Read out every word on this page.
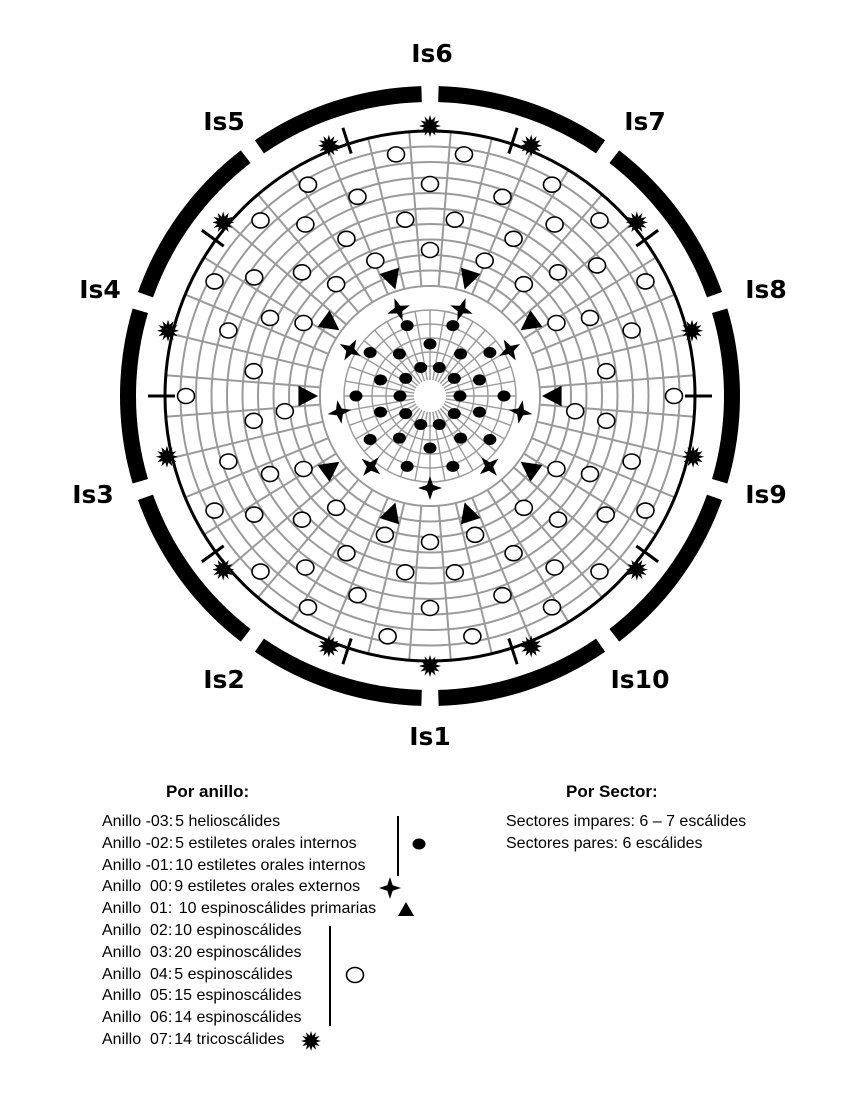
Is1
Is2
Is3
Is4
Is5
Is6
Is7
Is8
Is9
Is10
Por anillo:	Por Sector:
Anillo -03: 5 helioscálides
Anillo -02: 5 estiletes orales internos
Anillo -01: 10 estiletes orales internos
Anillo  00: 9 estiletes orales externos
Anillo  01: 10 espinoscálides primarias
Anillo  02: 10 espinoscálides
Anillo  03: 20 espinoscálides
Anillo  04: 5 espinoscálides
Anillo  05: 15 espinoscálides
Anillo  06: 14 espinoscálides
Anillo  07: 14 tricoscálides
Sectores impares: 6 – 7 escálides
Sectores pares: 6 escálides
